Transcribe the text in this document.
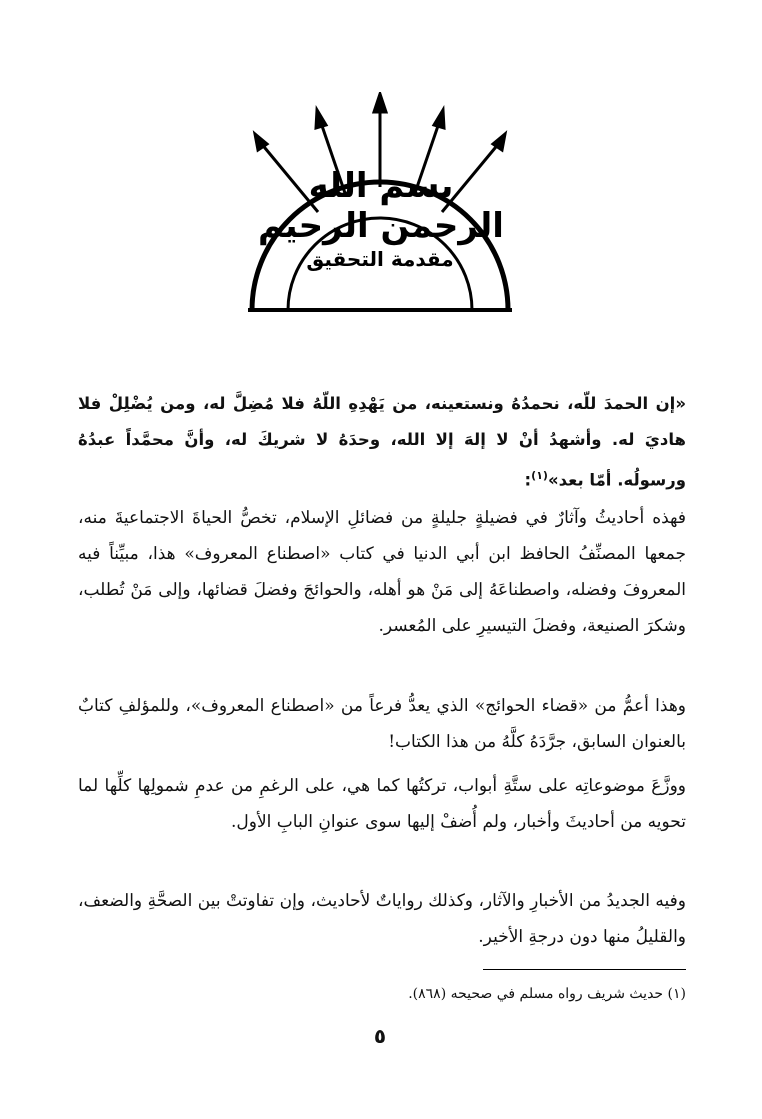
بسم الله الرحمن الرحيم
مقدمة التحقيق
«إن الحمدَ للّه، نحمدُهُ ونستعينه، من يَهْدِهِ اللّهُ فلا مُضِلَّ له، ومن يُضْلِلْ فلا هاديَ له. وأشهدُ أنْ لا إلهَ إلا الله، وحدَهُ لا شريكَ له، وأنَّ محمَّداً عبدُهُ ورسولُه. أمّا بعد»$^{(١)}$:
فهذه أحاديثُ وآثارٌ في فضيلةٍ جليلةٍ من فضائلِ الإسلام، تخصُّ الحياةَ الاجتماعيةَ منه، جمعها المصنِّفُ الحافظ ابن أبي الدنيا في كتاب «اصطناع المعروف» هذا، مبيِّناً فيه المعروفَ وفضله، واصطناعَهُ إلى مَنْ هو أهله، والحوائجَ وفضلَ قضائها، وإلى مَنْ تُطلب، وشكرَ الصنيعة، وفضلَ التيسيرِ على المُعسر.
وهذا أعمُّ من «قضاء الحوائج» الذي يعدُّ فرعاً من «اصطناع المعروف»، وللمؤلفِ كتابٌ بالعنوان السابق، جرَّدَهُ كلَّهُ من هذا الكتاب!
ووزَّعَ موضوعاتِه على ستَّةِ أبواب، تركتُها كما هي، على الرغمِ من عدمِ شمولِها كلِّها لما تحويه من أحاديثَ وأخبار، ولم أُضفْ إليها سوى عنوانِ البابِ الأول.
وفيه الجديدُ من الأخبارِ والآثار، وكذلك رواياتٌ لأحاديث، وإن تفاوتتْ بين الصحَّةِ والضعف، والقليلُ منها دون درجةِ الأخير.
(١) حديث شريف رواه مسلم في صحيحه (٨٦٨).
٥
